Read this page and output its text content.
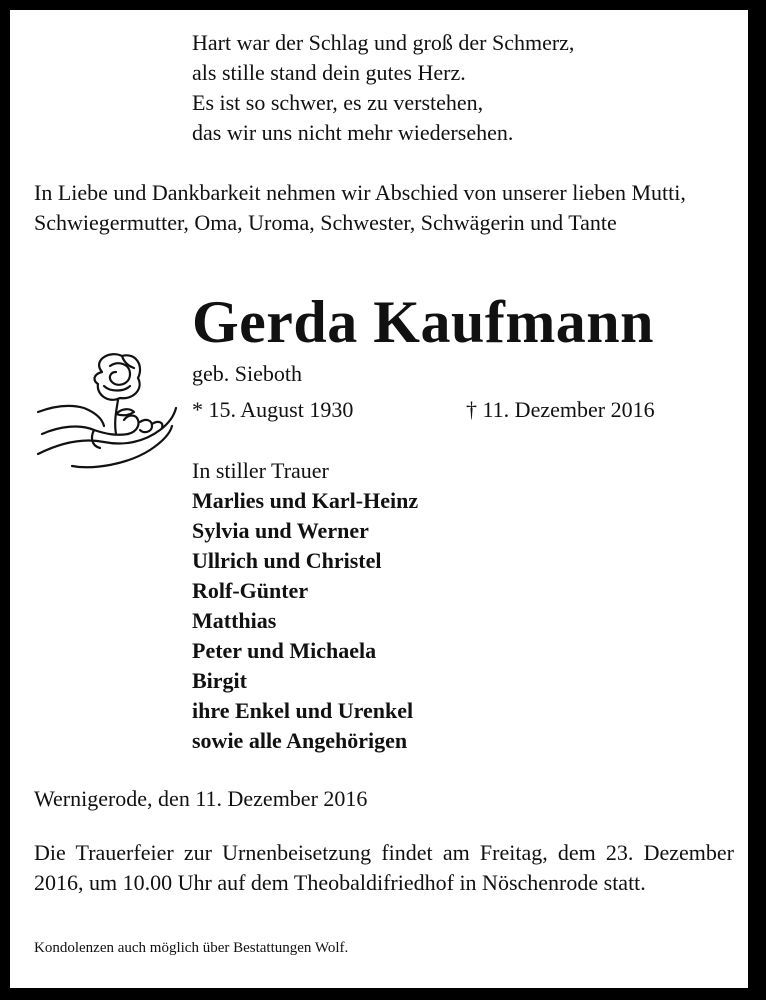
Hart war der Schlag und groß der Schmerz,
als stille stand dein gutes Herz.
Es ist so schwer, es zu verstehen,
das wir uns nicht mehr wiedersehen.
In Liebe und Dankbarkeit nehmen wir Abschied von unserer lieben Mutti, Schwiegermutter, Oma, Uroma, Schwester, Schwägerin und Tante
Gerda Kaufmann
geb. Sieboth
* 15. August 1930	† 11. Dezember 2016
In stiller Trauer
Marlies und Karl-Heinz
Sylvia und Werner
Ullrich und Christel
Rolf-Günter
Matthias
Peter und Michaela
Birgit
ihre Enkel und Urenkel
sowie alle Angehörigen
Wernigerode, den 11. Dezember 2016
Die Trauerfeier zur Urnenbeisetzung findet am Freitag, dem 23. Dezember 2016, um 10.00 Uhr auf dem Theobaldifriedhof in Nöschenrode statt.
Kondolenzen auch möglich über Bestattungen Wolf.
